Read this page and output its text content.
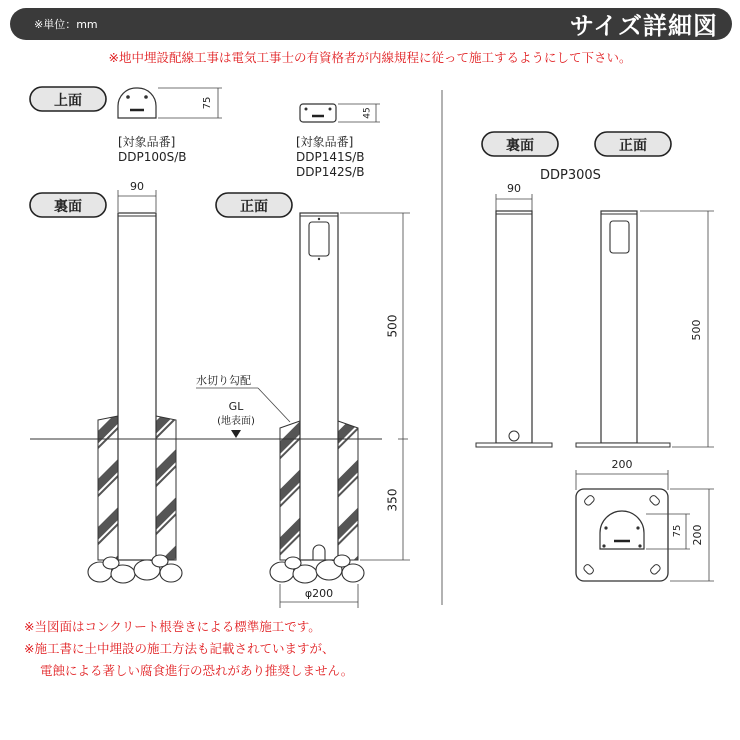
※単位：mm	サイズ詳細図
※地中埋設配線工事は電気工事士の有資格者が内線規程に従って施工するようにして下さい。
上面
裏面	正面
裏面	正面
75
[対象品番]
DDP100S/B
45
[対象品番]
DDP141S/B
DDP142S/B
90
GL
(地表面)
水切り勾配
500
350
φ200
DDP300S
90
500
200
75 200
※当図面はコンクリート根巻きによる標準施工です。
※施工書に土中埋設の施工方法も記載されていますが、
電蝕による著しい腐食進行の恐れがあり推奨しません。
